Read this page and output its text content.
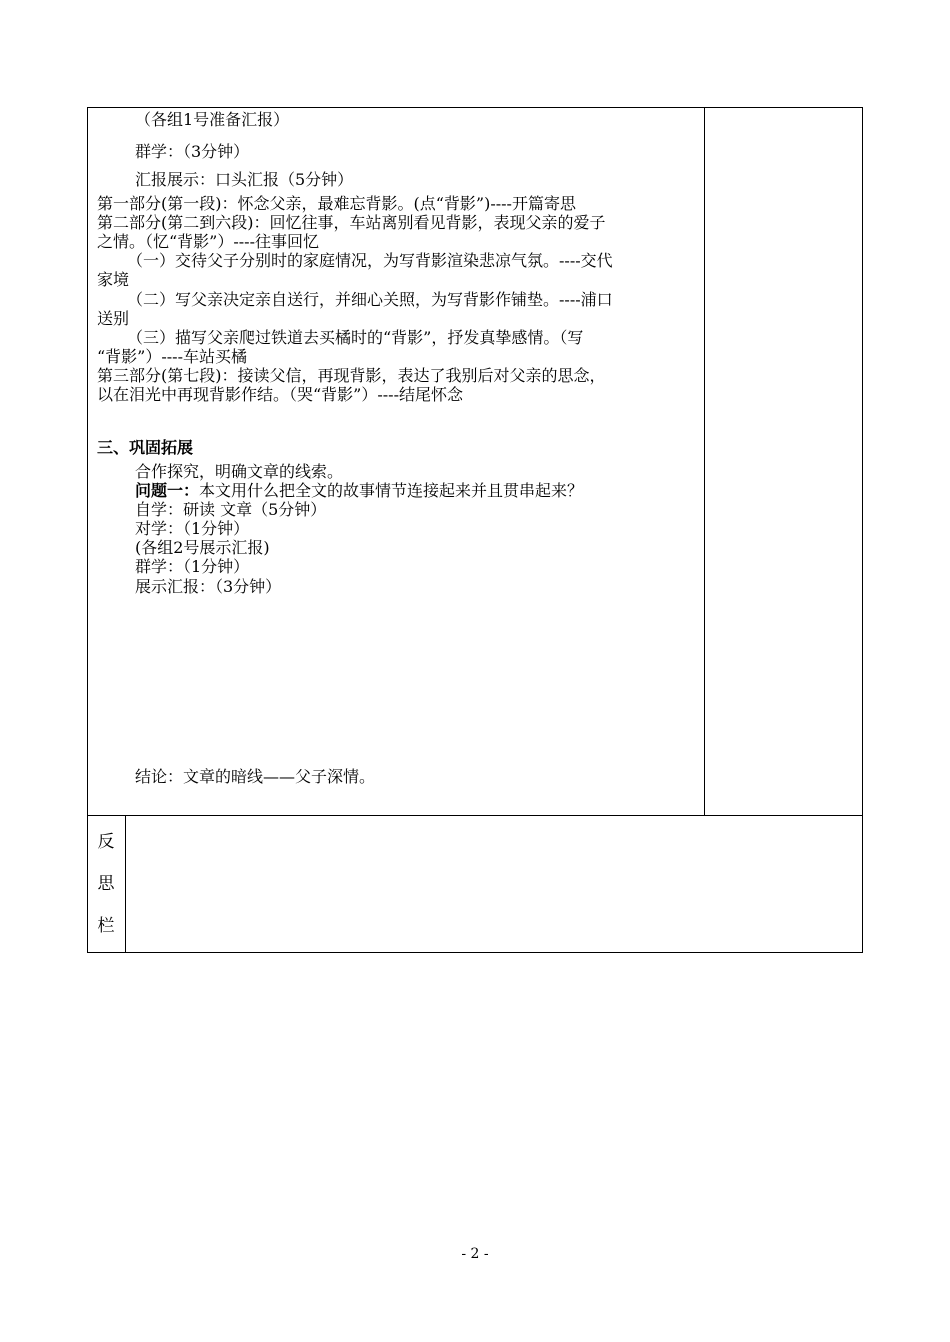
（各组1号准备汇报）
群学：（3分钟）
汇报展示：口头汇报（5分钟）
第一部分(第一段)：怀念父亲，最难忘背影。(点“背影”)----开篇寄思
第二部分(第二到六段)：回忆往事，车站离别看见背影，表现父亲的爱子
之情。（忆“背影”）----往事回忆
（一）交待父子分别时的家庭情况，为写背影渲染悲凉气氛。----交代
家境
（二）写父亲决定亲自送行，并细心关照，为写背影作铺垫。----浦口
送别
（三）描写父亲爬过铁道去买橘时的“背影”，抒发真挚感情。（写
“背影”）----车站买橘
第三部分(第七段)：接读父信，再现背影，表达了我别后对父亲的思念，
以在泪光中再现背影作结。（哭“背影”）----结尾怀念
三、巩固拓展
合作探究，明确文章的线索。
问题一：本文用什么把全文的故事情节连接起来并且贯串起来？
自学：研读 文章（5分钟）
对学：（1分钟）
(各组2号展示汇报)
群学：（1分钟）
展示汇报：（3分钟）
结论：文章的暗线——父子深情。
反
思
栏
- 2 -
